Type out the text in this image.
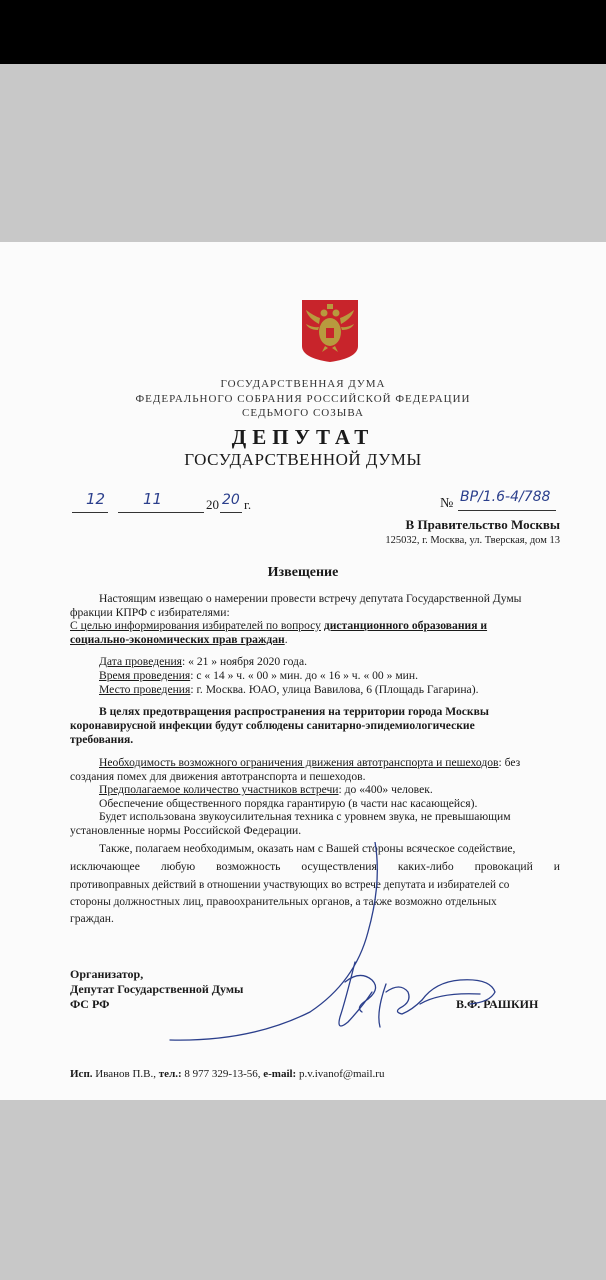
ГОСУДАРСТВЕННАЯ ДУМА
ФЕДЕРАЛЬНОГО СОБРАНИЯ РОССИЙСКОЙ ФЕДЕРАЦИИ
СЕДЬМОГО СОЗЫВА
ДЕПУТАТ
ГОСУДАРСТВЕННОЙ ДУМЫ
12	11	20 20 г.	№ ВР/1.6-4/788
В Правительство Москвы
125032, г. Москва, ул. Тверская, дом 13
Извещение
Настоящим извещаю о намерении провести встречу депутата Государственной Думы
фракции КПРФ с избирателями:
С целью информирования избирателей по вопросу дистанционного образования и
социально-экономических прав граждан.
Дата проведения: « 21 » ноября 2020 года.
Время проведения: с « 14 » ч. « 00 » мин. до « 16 » ч. « 00 » мин.
Место проведения: г. Москва. ЮАО, улица Вавилова, 6 (Площадь Гагарина).
В целях предотвращения распространения на территории города Москвы
коронавирусной инфекции будут соблюдены санитарно-эпидемиологические
требования.
Необходимость возможного ограничения движения автотранспорта и пешеходов: без
создания помех для движения автотранспорта и пешеходов.
Предполагаемое количество участников встречи: до «400» человек.
Обеспечение общественного порядка гарантирую (в части нас касающейся).
Будет использована звукоусилительная техника с уровнем звука, не превышающим
установленные нормы Российской Федерации.
Также, полагаем необходимым, оказать нам с Вашей стороны всяческое содействие,
исключающее любую возможность осуществления каких-либо провокаций и
противоправных действий в отношении участвующих во встрече депутата и избирателей со
стороны должностных лиц, правоохранительных органов, а также возможно отдельных
граждан.
Организатор,
Депутат Государственной Думы
ФС РФ	В.Ф. РАШКИН
Исп. Иванов П.В., тел.: 8 977 329-13-56, e-mail: p.v.ivanof@mail.ru
